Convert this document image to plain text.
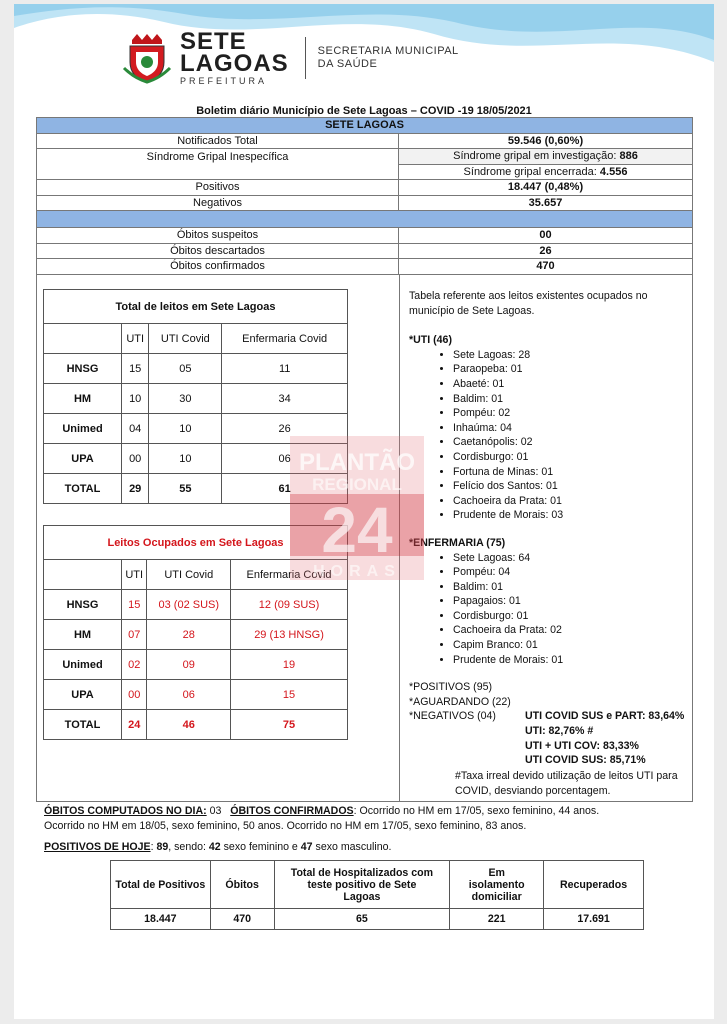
SETE
LAGOAS
PREFEITURA
SECRETARIA MUNICIPAL
DA SAÚDE
Boletim diário Município de Sete Lagoas – COVID -19 18/05/2021
SETE LAGOAS	
Notificados Total	59.546 (0,60%)
Síndrome Gripal Inespecífica	Síndrome gripal em investigação: 886
	Síndrome gripal encerrada: 4.556
Positivos	18.447 (0,48%)
Negativos	35.657

Óbitos suspeitos	00
Óbitos descartados	26
Óbitos confirmados	470
Total de leitos em Sete Lagoas			
	UTI	UTI Covid	Enfermaria Covid
HNSG	15	05	11
HM	10	30	34
Unimed	04	10	26
UPA	00	10	06
TOTAL	29	55	61
Leitos Ocupados em Sete Lagoas			
	UTI	UTI Covid	Enfermaria Covid
HNSG	15	03 (02 SUS)	12 (09 SUS)
HM	07	28	29 (13 HNSG)
Unimed	02	09	19
UPA	00	06	15
TOTAL	24	46	75

Tabela referente aos leitos existentes ocupados no município de Sete Lagoas.

*UTI (46)

• Sete Lagoas: 28
• Paraopeba: 01
• Abaeté: 01
• Baldim: 01
• Pompéu: 02
• Inhaúma: 04
• Caetanópolis: 02
• Cordisburgo: 01
• Fortuna de Minas: 01
• Felício dos Santos: 01
• Cachoeira da Prata: 01
• Prudente de Morais: 03

*ENFERMARIA (75)

• Sete Lagoas: 64
• Pompéu: 04
• Baldim: 01
• Papagaios: 01
• Cordisburgo: 01
• Cachoeira da Prata: 02
• Capim Branco: 01
• Prudente de Morais: 01

*POSITIVOS (95)

*AGUARDANDO (22)

*NEGATIVOS (04)	UTI COVID SUS e PART: 83,64%
UTI: 82,76% #
UTI + UTI COV: 83,33%
UTI COVID SUS: 85,71%
#Taxa irreal devido utilização de leitos UTI para COVID, desviando porcentagem.
ÓBITOS COMPUTADOS NO DIA: 03 ÓBITOS CONFIRMADOS: Ocorrido no HM em 17/05, sexo feminino, 44 anos.
Ocorrido no HM em 18/05, sexo feminino, 50 anos. Ocorrido no HM em 17/05, sexo feminino, 83 anos.
POSITIVOS DE HOJE: 89, sendo: 42 sexo feminino e 47 sexo masculino.
Total de Positivos	Óbitos	Total de Hospitalizados com teste positivo de Sete Lagoas	Em isolamento domiciliar	Recuperados
18.447	470	65	221	17.691
PLANTÃO
REGIONAL
24
HORAS
